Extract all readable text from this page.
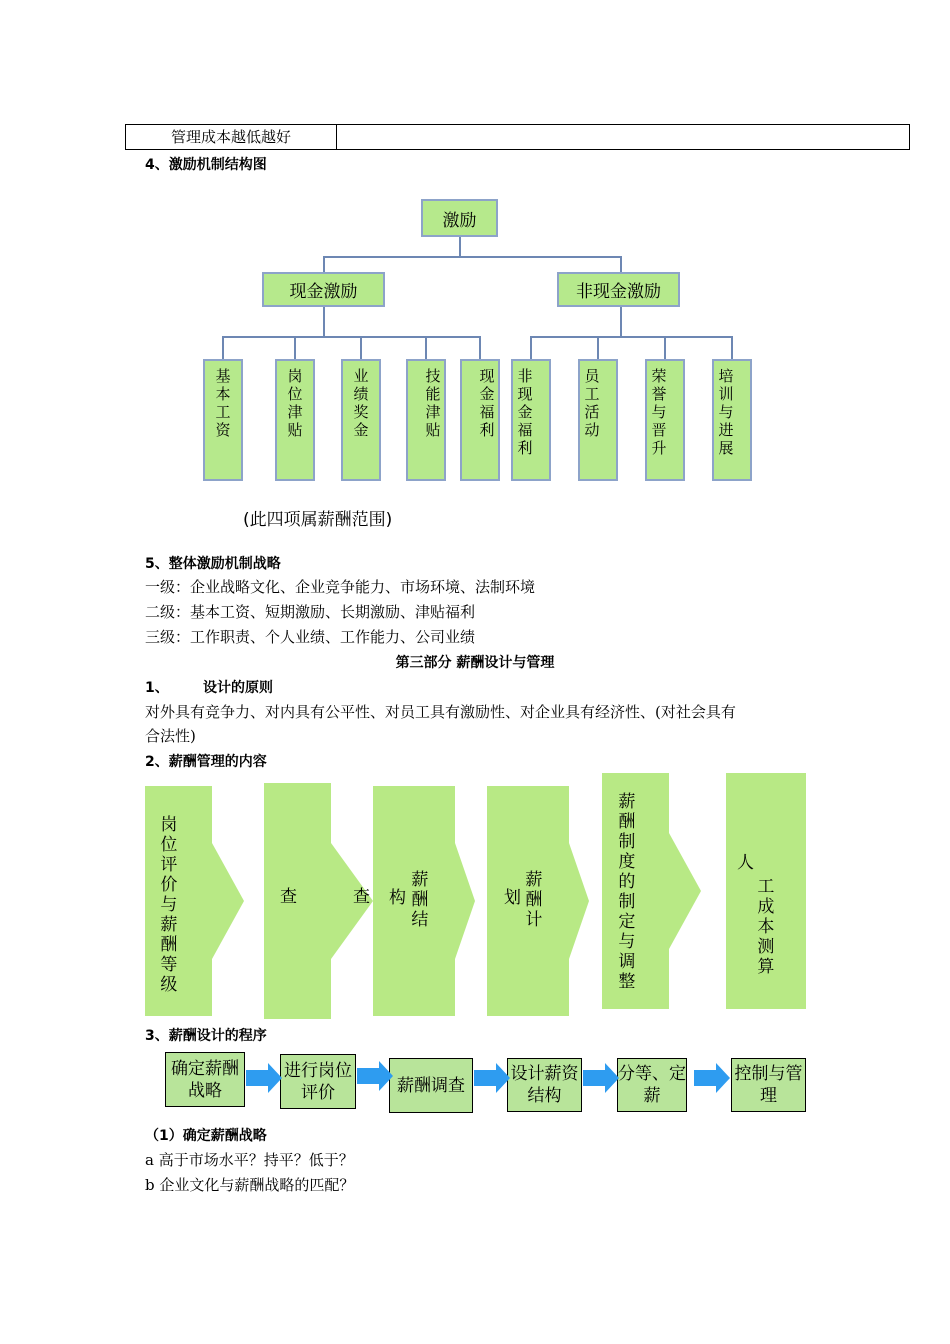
管理成本越低越好
4、激励机制结构图
激励
现金激励	非现金激励
基本工资
岗位津贴
业绩奖金
技能津贴
现金福利
非现金福利
员工活动
荣誉与晋升
培训与进展
(此四项属薪酬范围)
5、整体激励机制战略
一级：企业战略文化、企业竞争能力、市场环境、法制环境
二级：基本工资、短期激励、长期激励、津贴福利
三级：工作职责、个人业绩、工作能力、公司业绩
第三部分 薪酬设计与管理
1、 设计的原则
对外具有竞争力、对内具有公平性、对员工具有激励性、对企业具有经济性、(对社会具有
合法性)
2、薪酬管理的内容
岗位评价与薪酬等级
查	查 构
薪酬结
划
薪酬计
薪酬制度的制定与调整
人
工成本测算
3、薪酬设计的程序
确定薪酬战略
进行岗位评价	薪酬调查
设计薪资结构
分等、定薪
控制与管理
（1）确定薪酬战略
a 高于市场水平？持平？低于？
b 企业文化与薪酬战略的匹配？
